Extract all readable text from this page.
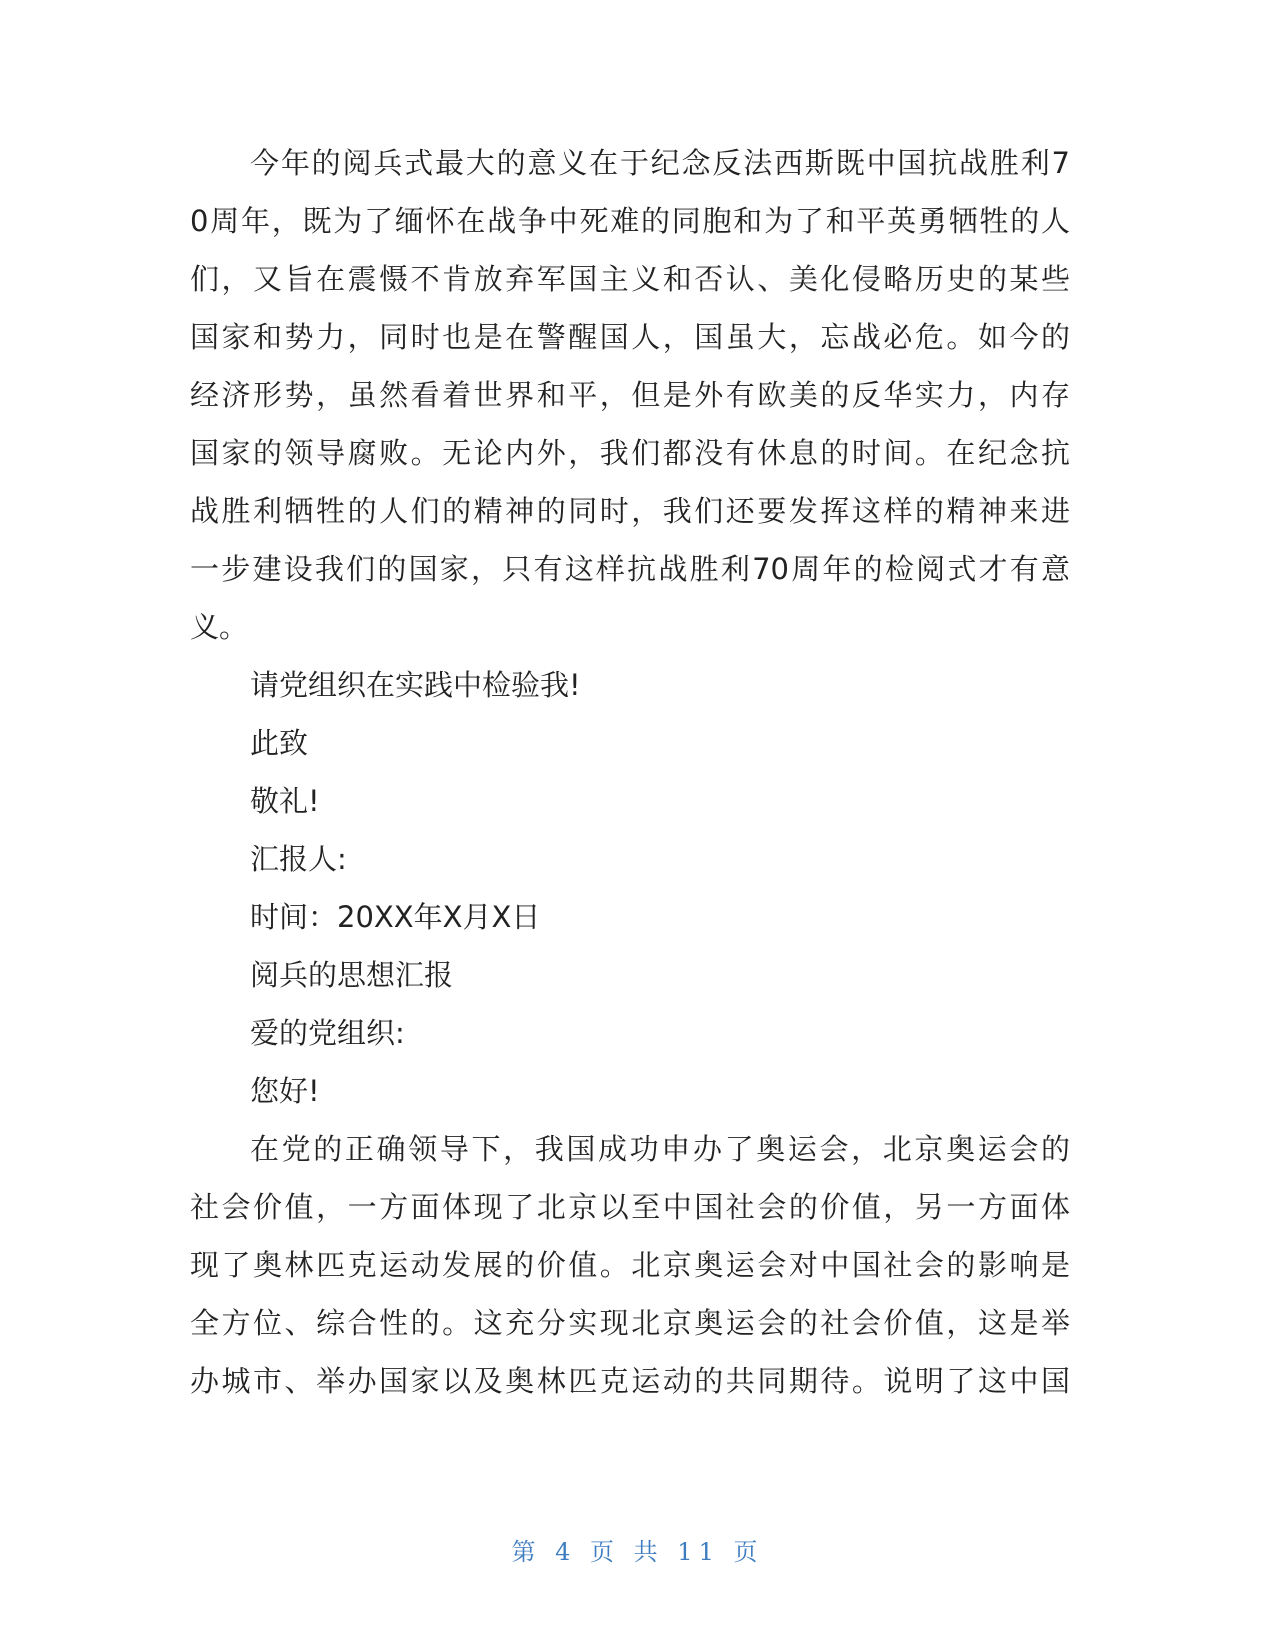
今年的阅兵式最大的意义在于纪念反法西斯既中国抗战胜利7
0周年，既为了缅怀在战争中死难的同胞和为了和平英勇牺牲的人
们，又旨在震慑不肯放弃军国主义和否认、美化侵略历史的某些
国家和势力，同时也是在警醒国人，国虽大，忘战必危。如今的
经济形势，虽然看着世界和平，但是外有欧美的反华实力，内存
国家的领导腐败。无论内外，我们都没有休息的时间。在纪念抗
战胜利牺牲的人们的精神的同时，我们还要发挥这样的精神来进
一步建设我们的国家，只有这样抗战胜利70周年的检阅式才有意
义。
请党组织在实践中检验我!
此致
敬礼!
汇报人:
时间：20XX年X月X日
阅兵的思想汇报
爱的党组织:
您好!
在党的正确领导下，我国成功申办了奥运会，北京奥运会的
社会价值，一方面体现了北京以至中国社会的价值，另一方面体
现了奥林匹克运动发展的价值。北京奥运会对中国社会的影响是
全方位、综合性的。这充分实现北京奥运会的社会价值，这是举
办城市、举办国家以及奥林匹克运动的共同期待。说明了这中国
第 4 页 共 11 页
